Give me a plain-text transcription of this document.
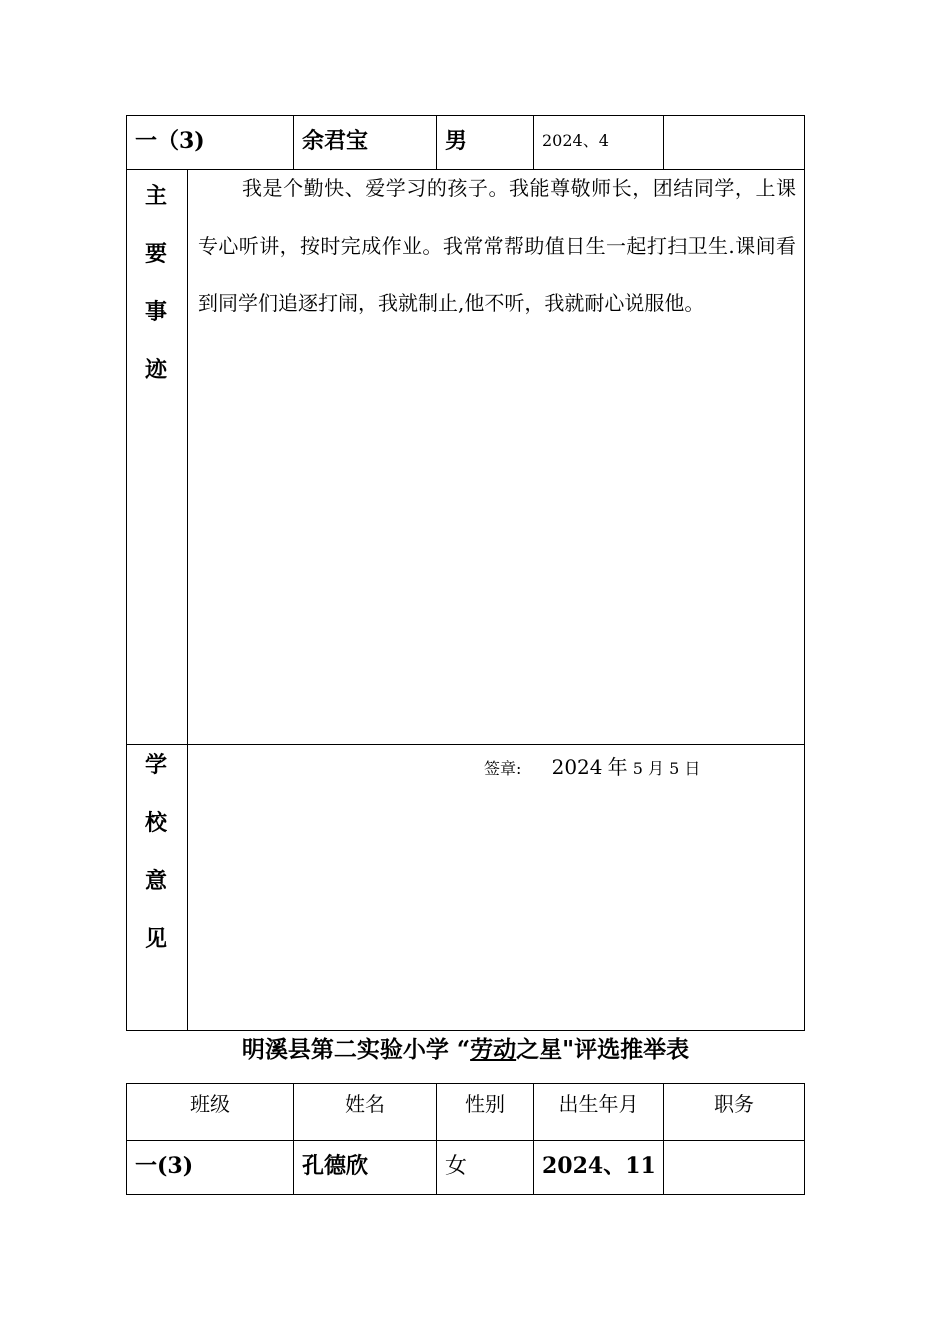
一（3)	余君宝	男	2024、4
主
要
事
迹
我是个勤快、爱学习的孩子。我能尊敬师长，团结同学，上课专心听讲，按时完成作业。我常常帮助值日生一起打扫卫生.课间看到同学们追逐打闹，我就制止,他不听，我就耐心说服他。
学
校
意
见
签章: 2024 年 5 月 5 日
明溪县第二实验小学 “劳动之星"评选推举表
班级	姓名	性别	出生年月	职务
一(3)	孔德欣	女	2024、11
